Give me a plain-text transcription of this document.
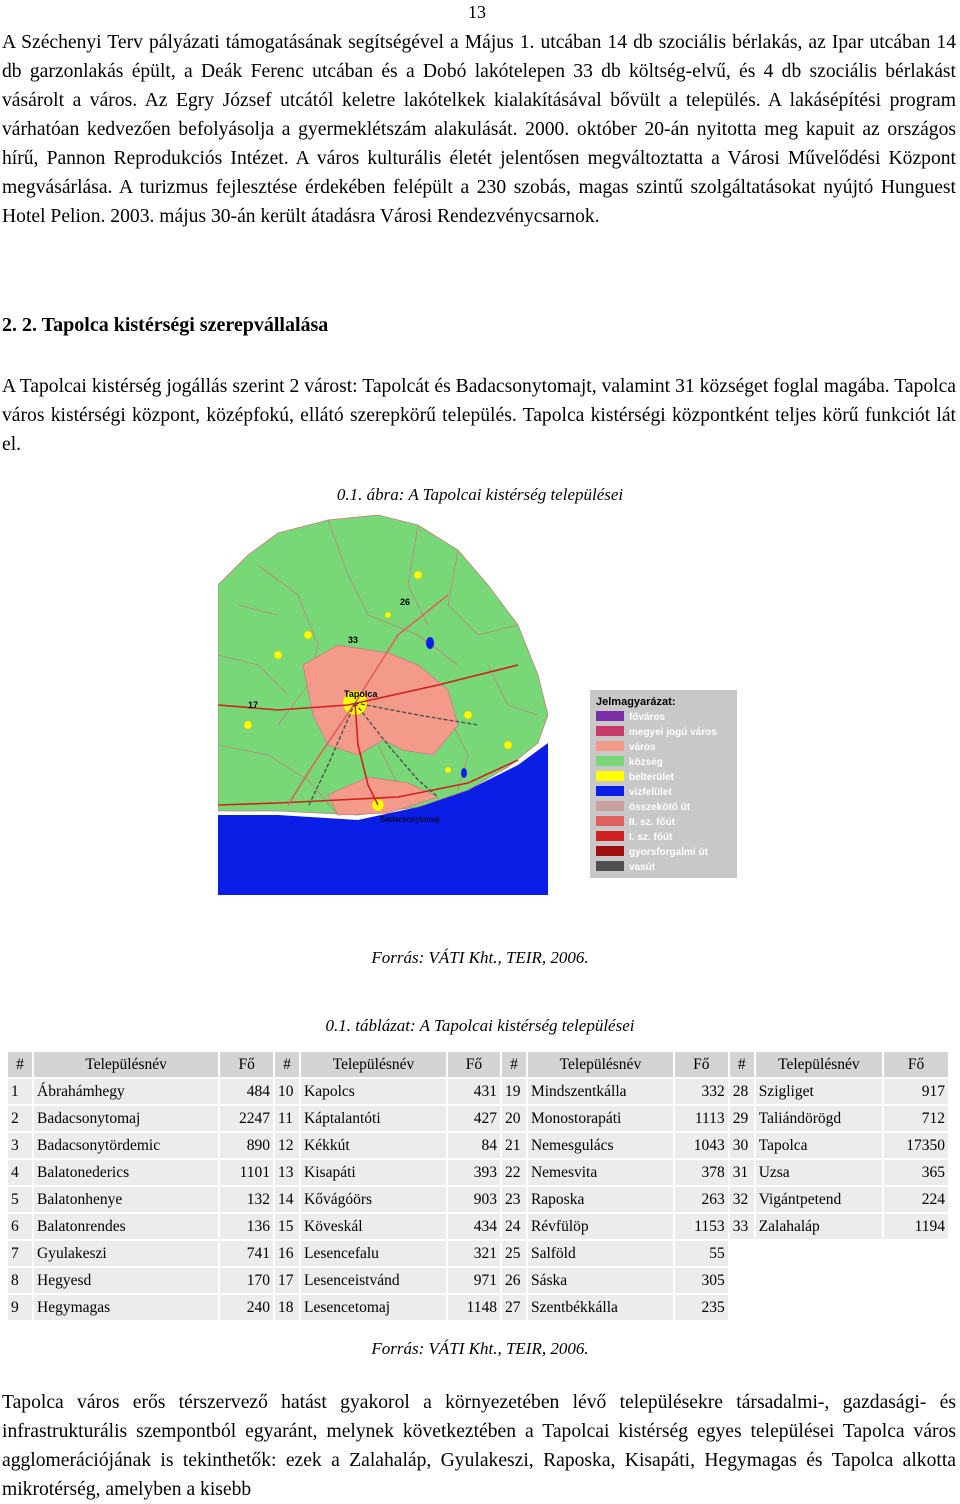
13

A Széchenyi Terv pályázati támogatásának segítségével a Május 1. utcában 14 db szociális bérlakás, az Ipar utcában 14 db garzonlakás épült, a Deák Ferenc utcában és a Dobó lakótelepen 33 db költség-elvű, és 4 db szociális bérlakást vásárolt a város. Az Egry József utcától keletre lakótelkek kialakításával bővült a település. A lakásépítési program várhatóan kedvezően befolyásolja a gyermeklétszám alakulását. 2000. október 20-án nyitotta meg kapuit az országos hírű, Pannon Reprodukciós Intézet. A város kulturális életét jelentősen megváltoztatta a Városi Művelődési Központ megvásárlása. A turizmus fejlesztése érdekében felépült a 230 szobás, magas szintű szolgáltatásokat nyújtó Hunguest Hotel Pelion. 2003. május 30-án került átadásra Városi Rendezvénycsarnok.

2. 2. Tapolca kistérségi szerepvállalása

A Tapolcai kistérség jogállás szerint 2 várost: Tapolcát és Badacsonytomajt, valamint 31 községet foglal magába. Tapolca város kistérségi központ, középfokú, ellátó szerepkörű település. Tapolca kistérségi központként teljes körű funkciót lát el.

0.1. ábra: A Tapolcai kistérség települései
Tapolca
Badacsonytomaj
26
33
17	Jelmagyarázat:
főváros
megyei jogú város
város
község
belterület
vízfelület
összekötő út
II. sz. főút
I. sz. főút
gyorsforgalmi út
vasút
Forrás: VÁTI Kht., TEIR, 2006.
0.1. táblázat: A Tapolcai kistérség települései
#	Településnév	Fő	#	Településnév	Fő	#	Településnév	Fő	#	Településnév	Fő
1	Ábrahámhegy	484	10	Kapolcs	431	19	Mindszentkálla	332	28	Szigliget	917
2	Badacsonytomaj	2247	11	Káptalantóti	427	20	Monostorapáti	1113	29	Taliándörögd	712
3	Badacsonytördemic	890	12	Kékkút	84	21	Nemesgulács	1043	30	Tapolca	17350
4	Balatonederics	1101	13	Kisapáti	393	22	Nemesvita	378	31	Uzsa	365
5	Balatonhenye	132	14	Kővágóörs	903	23	Raposka	263	32	Vigántpetend	224
6	Balatonrendes	136	15	Köveskál	434	24	Révfülöp	1153	33	Zalahaláp	1194
7	Gyulakeszi	741	16	Lesencefalu	321	25	Salföld	55			
8	Hegyesd	170	17	Lesenceistvánd	971	26	Sáska	305			
9	Hegymagas	240	18	Lesencetomaj	1148	27	Szentbékkálla	235			
Forrás: VÁTI Kht., TEIR, 2006.

Tapolca város erős térszervező hatást gyakorol a környezetében lévő településekre társadalmi-, gazdasági- és infrastrukturális szempontból egyaránt, melynek következtében a Tapolcai kistérség egyes települései Tapolca város agglomerációjának is tekinthetők: ezek a Zalahaláp, Gyulakeszi, Raposka, Kisapáti, Hegymagas és Tapolca alkotta mikrotérség, amelyben a kisebb
